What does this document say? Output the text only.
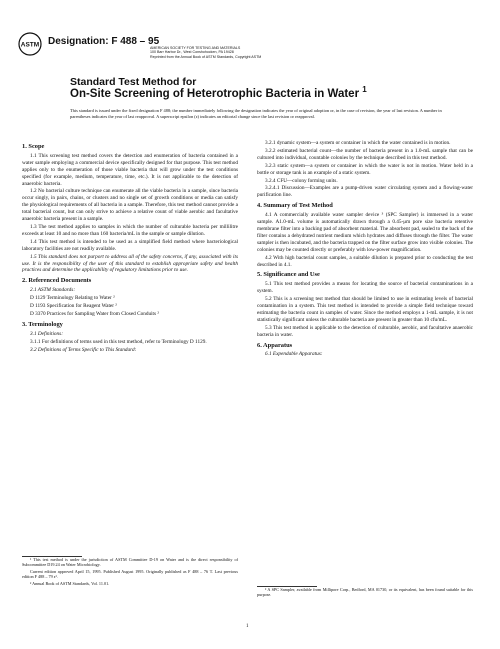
ASTM Designation: F 488 – 95
AMERICAN SOCIETY FOR TESTING AND MATERIALS
100 Barr Harbor Dr., West Conshohocken, PA 19428
Reprinted from the Annual Book of ASTM Standards, Copyright ASTM
Standard Test Method for
On-Site Screening of Heterotrophic Bacteria in Water $^1$
This standard is issued under the fixed designation F 488; the number immediately following the designation indicates the year of original adoption or, in the case of revision, the year of last revision. A number in parentheses indicates the year of last reapproval. A superscript epsilon (ε) indicates an editorial change since the last revision or reapproval.
1. Scope

1.1 This screening test method covers the detection and enumeration of bacteria contained in a water sample employing a commercial device specifically designed for that purpose. This test method applies only to the enumeration of those viable bacteria that will grow under the test conditions specified (for example, medium, temperature, time, etc.). It is not applicable to the detection of anaerobic bacteria.

1.2 No bacterial culture technique can enumerate all the viable bacteria in a sample, since bacteria occur singly, in pairs, chains, or clusters and no single set of growth conditions or media can satisfy the physiological requirements of all bacteria in a sample. Therefore, this test method cannot provide a total bacterial count, but can only strive to achieve a relative count of viable aerobic and facultative anaerobic bacteria present in a sample.

1.3 The test method applies to samples in which the number of culturable bacteria per millilitre exceeds at least 10 and no more than 160 bacteria/mL in the sample or sample dilution.

1.4 This test method is intended to be used as a simplified field method where bacteriological laboratory facilities are not readily available.

1.5 This standard does not purport to address all of the safety concerns, if any, associated with its use. It is the responsibility of the user of this standard to establish appropriate safety and health practices and determine the applicability of regulatory limitations prior to use.

2. Referenced Documents

2.1 ASTM Standards:

D 1129 Terminology Relating to Water ²

D 1193 Specification for Reagent Water ²

D 3370 Practices for Sampling Water from Closed Conduits ²

3. Terminology

3.1 Definitions:

3.1.1 For definitions of terms used in this test method, refer to Terminology D 1129.

3.2 Definitions of Terms Specific to This Standard:

3.2.1 dynamic system—a system or container in which the water contained is in motion.

3.2.2 estimated bacterial count—the number of bacteria present in a 1.0-mL sample that can be cultured into individual, countable colonies by the technique described in this test method.

3.2.3 static system—a system or container in which the water is not in motion. Water held in a bottle or storage tank is an example of a static system.

3.2.4 CFU—colony forming units.

3.2.4.1 Discussion—Examples are a pump-driven water circulating system and a flowing-water purification line.

4. Summary of Test Method

4.1 A commercially available water sampler device ³ (SPC Sampler) is immersed in a water sample. A1.0-mL volume is automatically drawn through a 0.45-μm pore size bacteria retentive membrane filter into a backing pad of absorbent material. The absorbent pad, sealed to the back of the filter contains a dehydrated nutrient medium which hydrates and diffuses through the filter. The water sampler is then incubated, and the bacteria trapped on the filter surface grow into visible colonies. The colonies may be counted directly or preferably with low-power magnification.

4.2 With high bacterial count samples, a suitable dilution is prepared prior to conducting the test described in 4.1.

5. Significance and Use

5.1 This test method provides a means for locating the source of bacterial contaminations in a system.

5.2 This is a screening test method that should be limited to use in estimating levels of bacterial contamination in a system. This test method is intended to provide a simple field technique toward estimating the bacteria count in samples of water. Since the method employs a 1-mL sample, it is not statistically significant unless the culturable bacteria are present in greater than 10 cfu/mL.

5.3 This test method is applicable to the detection of culturable, aerobic, and facultative anaerobic bacteria in water.

6. Apparatus

6.1 Expendable Apparatus:

¹ This test method is under the jurisdiction of ASTM Committee D-19 on Water and is the direct responsibility of Subcommittee D19.24 on Water Microbiology.

Current edition approved April 15, 1995. Published August 1995. Originally published as F 488 – 76 T. Last previous edition F 488 – 79 ε¹.

² Annual Book of ASTM Standards, Vol. 11.01.

³ A SPC Sampler, available from Millipore Corp., Bedford, MA 01730, or its equivalent, has been found suitable for this purpose.

1
